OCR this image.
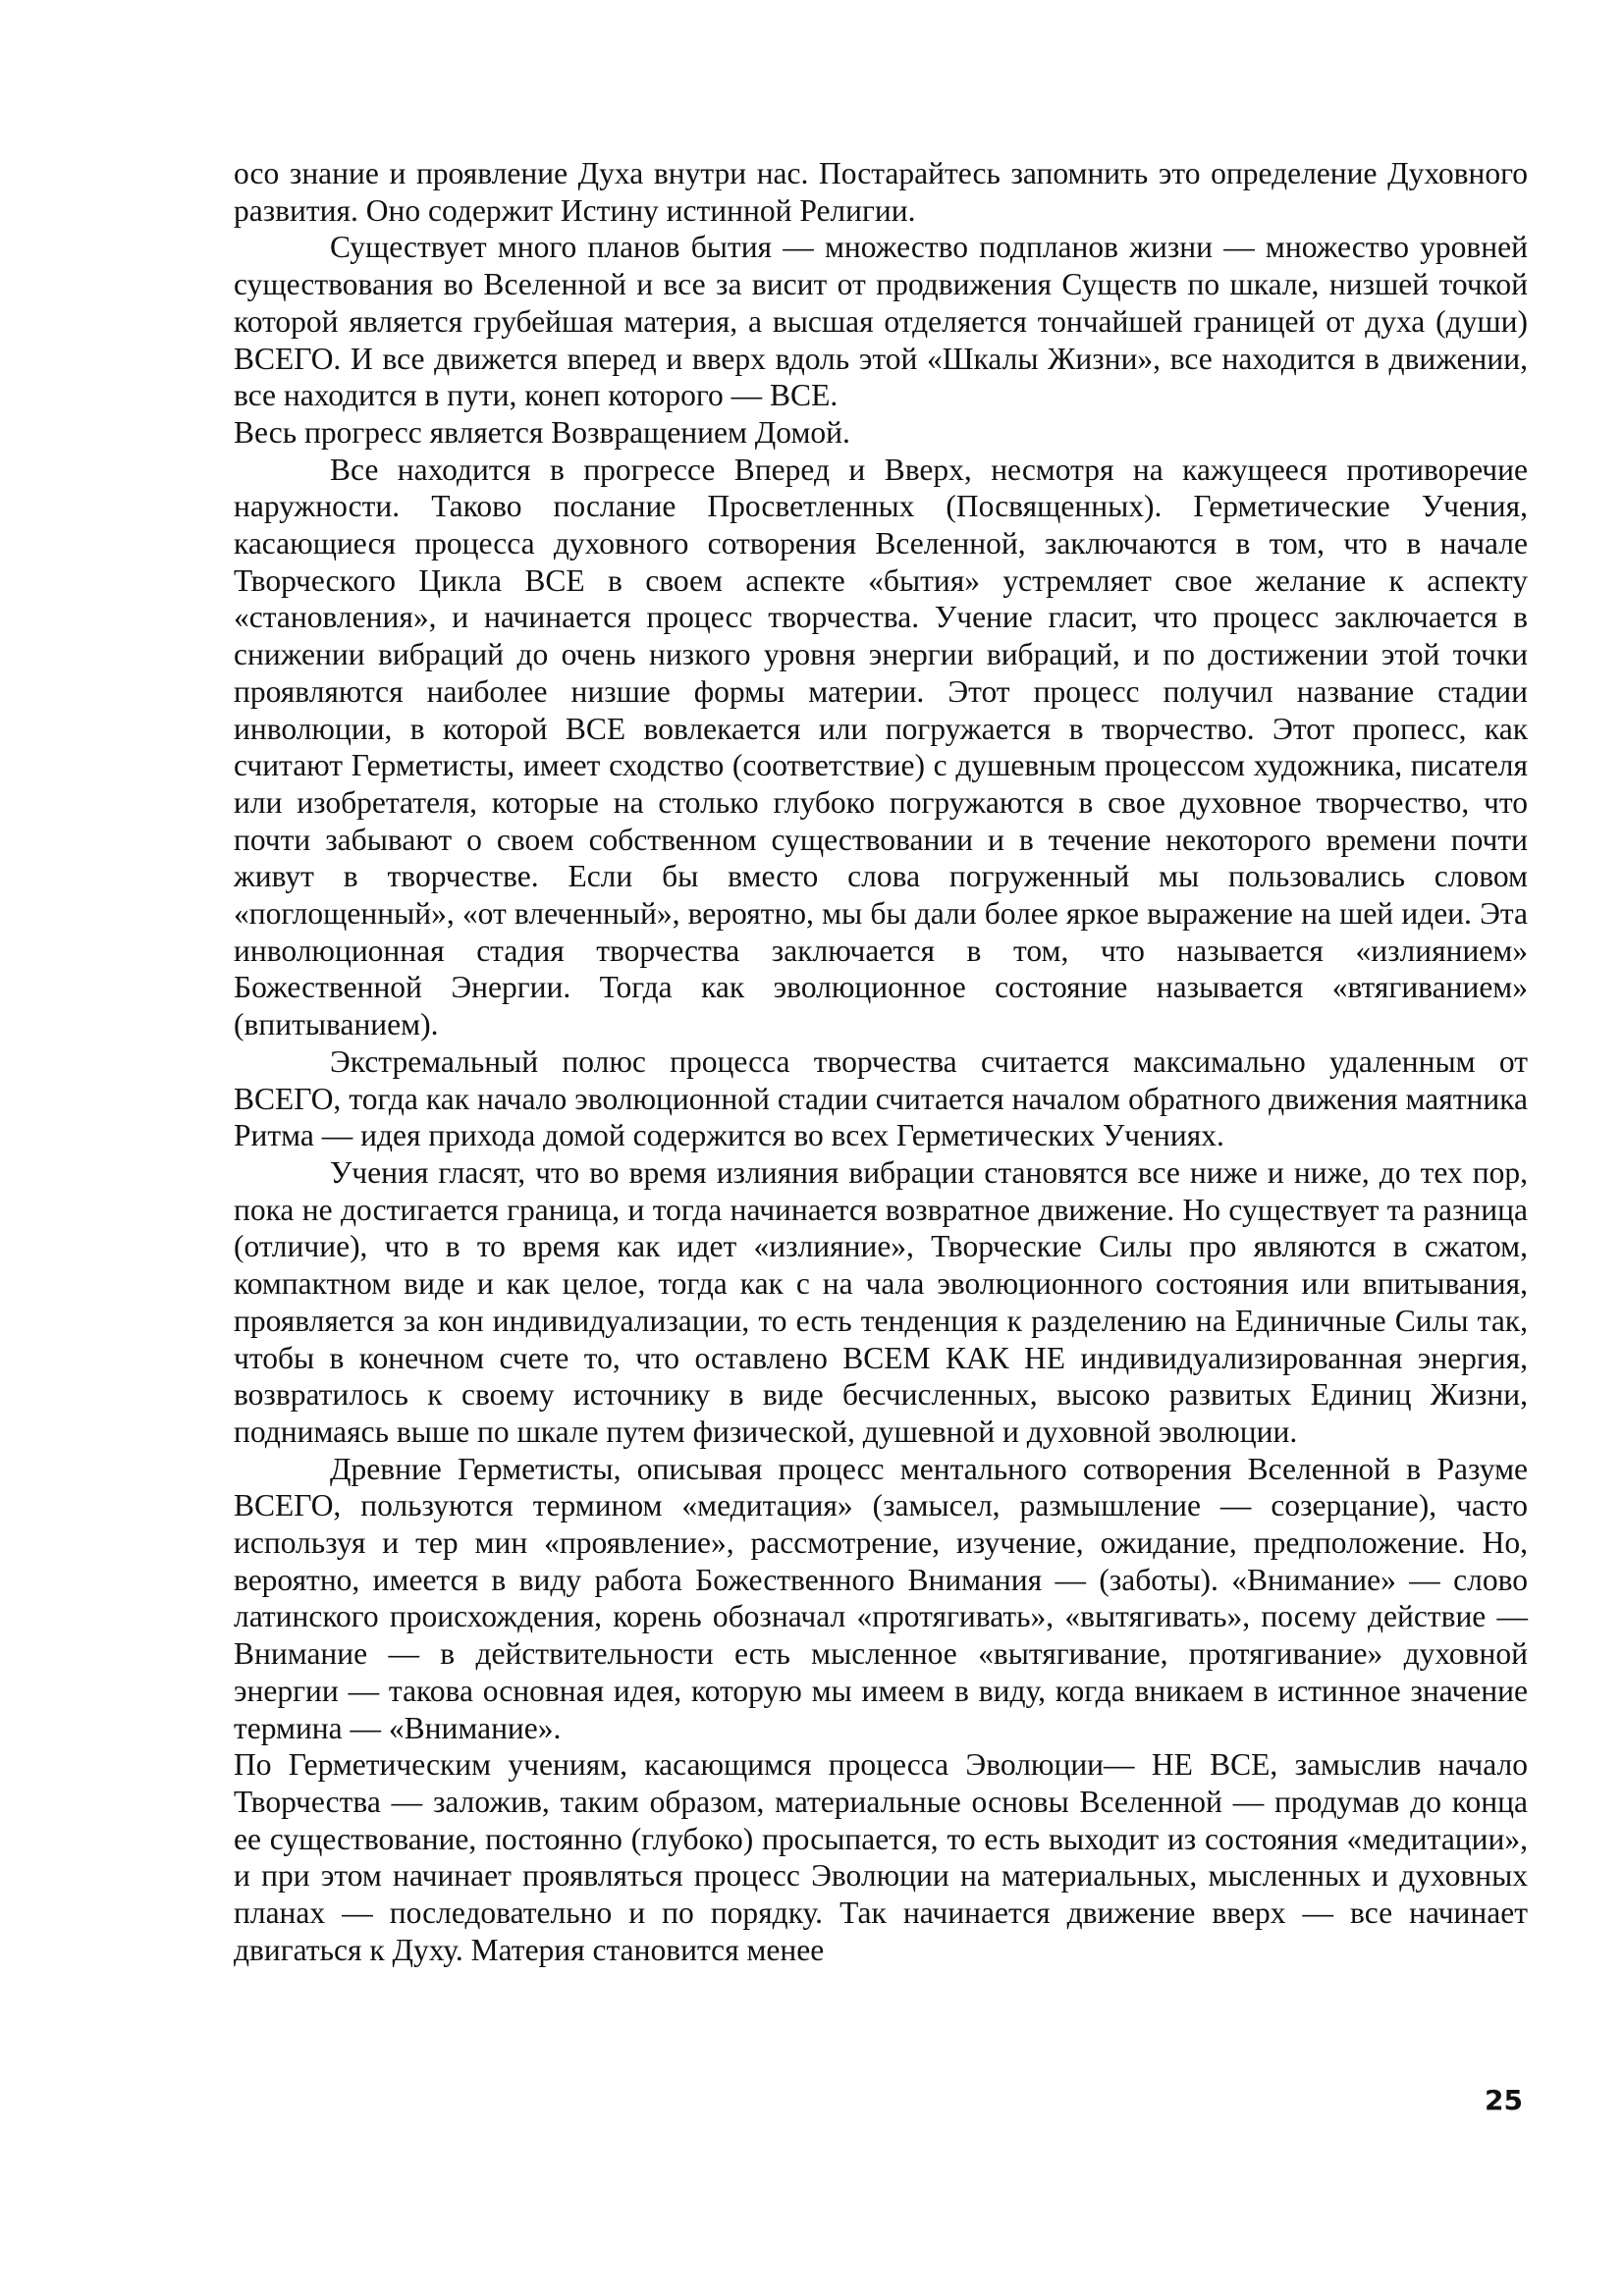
осо знание и проявление Духа внутри нас. Постарайтесь запомнить это определение Духовного развития. Оно содержит Истину истинной Религии.

Существует много планов бытия — множество подпланов жизни — множество уровней существования во Вселенной и все за висит от продвижения Существ по шкале, низшей точкой которой является грубейшая материя, а высшая отделяется тончайшей границей от духа (души) ВСЕГО. И все движется вперед и вверх вдоль этой «Шкалы Жизни», все находится в движении, все находится в пути, конеп которого — ВСЕ.

Весь прогресс является Возвращением Домой.

Все находится в прогрессе Вперед и Вверх, несмотря на кажущееся противоречие наружности. Таково послание Просветленных (Посвященных). Герметические Учения, касающиеся процесса духовного сотворения Вселенной, заключаются в том, что в начале Творческого Цикла ВСЕ в своем аспекте «бытия» устремляет свое желание к аспекту «становления», и начинается процесс творчества. Учение гласит, что процесс заключается в снижении вибраций до очень низкого уровня энергии вибраций, и по достижении этой точки проявляются наиболее низшие формы материи. Этот процесс получил название стадии инволюции, в которой ВСЕ вовлекается или погружается в творчество. Этот пропесс, как считают Герметисты, имеет сходство (соответствие) с душевным процессом художника, писателя или изобретателя, которые на столько глубоко погружаются в свое духовное творчество, что почти забывают о своем собственном существовании и в течение некоторого времени почти живут в творчестве. Если бы вместо слова погруженный мы пользовались словом «поглощенный», «от влеченный», вероятно, мы бы дали более яркое выражение на шей идеи. Эта инволюционная стадия творчества заключается в том, что называется «излиянием» Божественной Энергии. Тогда как эволюционное состояние называется «втягиванием» (впитыванием).

Экстремальный полюс процесса творчества считается максимально удаленным от ВСЕГО, тогда как начало эволюционной стадии считается началом обратного движения маятника Ритма — идея прихода домой содержится во всех Герметических Учениях.

Учения гласят, что во время излияния вибрации становятся все ниже и ниже, до тех пор, пока не достигается граница, и тогда начинается возвратное движение. Но существует та разница (отличие), что в то время как идет «излияние», Творческие Силы про являются в сжатом, компактном виде и как целое, тогда как с на чала эволюционного состояния или впитывания, проявляется за кон индивидуализации, то есть тенденция к разделению на Единичные Силы так, чтобы в конечном счете то, что оставлено ВСЕМ КАК НЕ индивидуализированная энергия, возвратилось к своему источнику в виде бесчисленных, высоко развитых Единиц Жизни, поднимаясь выше по шкале путем физической, душевной и духовной эволюции.

Древние Герметисты, описывая процесс ментального сотворения Вселенной в Разуме ВСЕГО, пользуются термином «медитация» (замысел, размышление — созерцание), часто используя и тер мин «проявление», рассмотрение, изучение, ожидание, предположение. Но, вероятно, имеется в виду работа Божественного Внимания — (заботы). «Внимание» — слово латинского происхождения, корень обозначал «протягивать», «вытягивать», посему действие — Внимание — в действительности есть мысленное «вытягивание, протягивание» духовной энергии — такова основная идея, которую мы имеем в виду, когда вникаем в истинное значение термина — «Внимание».

По Герметическим учениям, касающимся процесса Эволюции— НЕ ВСЕ, замыслив начало Творчества — заложив, таким образом, материальные основы Вселенной — продумав до конца ее существование, постоянно (глубоко) просыпается, то есть выходит из состояния «медитации», и при этом начинает проявляться процесс Эволюции на материальных, мысленных и духовных планах — последовательно и по порядку. Так начинается движение вверх — все начинает двигаться к Духу. Материя становится менее

25
